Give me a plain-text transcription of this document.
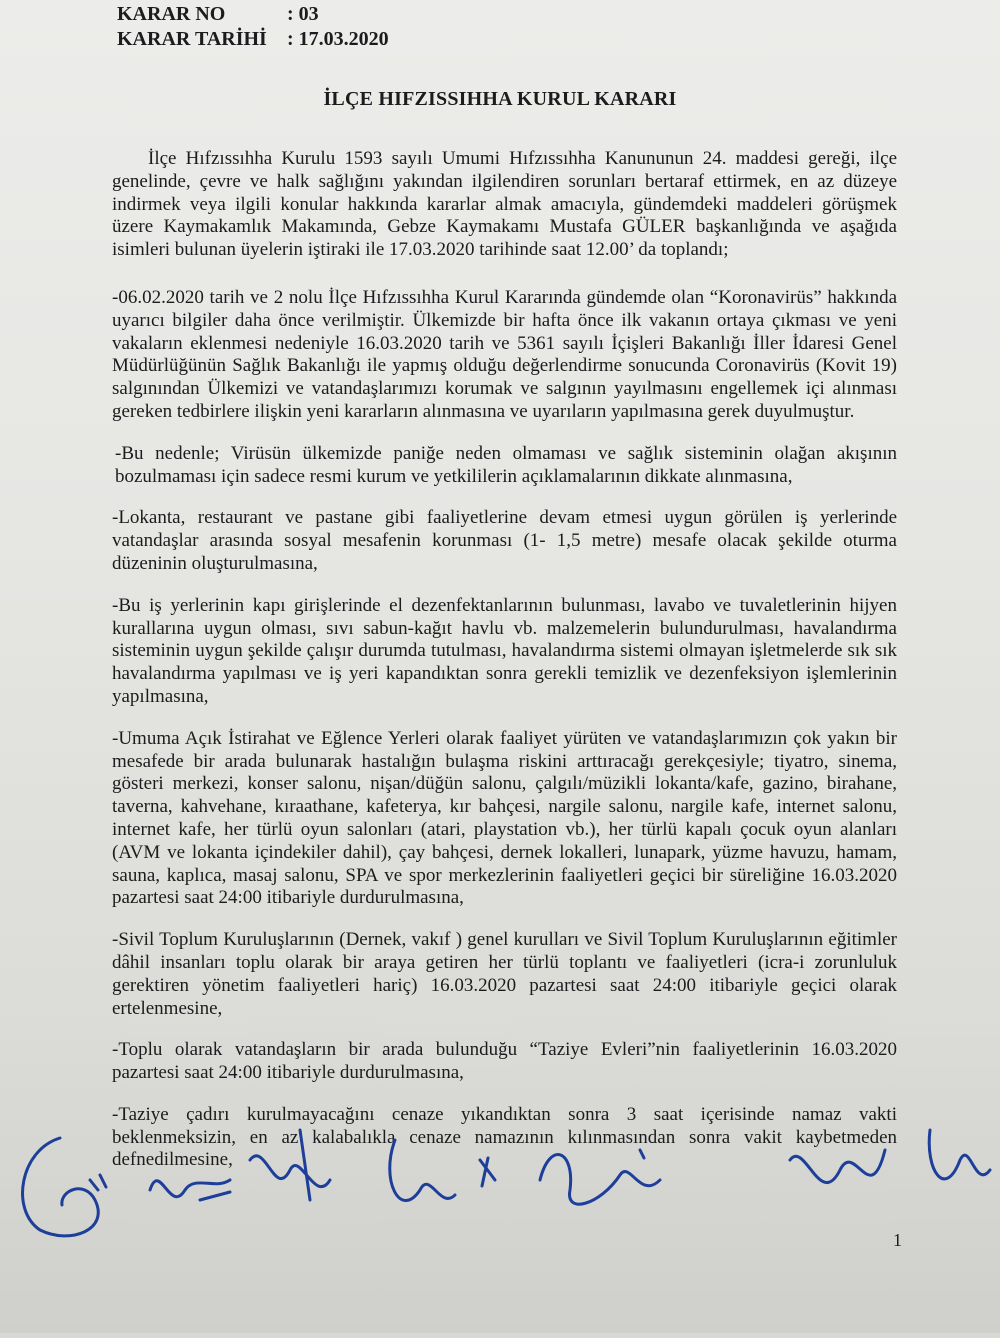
KARAR NO	: 03
KARAR TARİHİ	: 17.03.2020
İLÇE HIFZISSIHHA KURUL KARARI

İlçe Hıfzıssıhha Kurulu 1593 sayılı Umumi Hıfzıssıhha Kanununun 24. maddesi gereği, ilçe genelinde, çevre ve halk sağlığını yakından ilgilendiren sorunları bertaraf ettirmek, en az düzeye indirmek veya ilgili konular hakkında kararlar almak amacıyla, gündemdeki maddeleri görüşmek üzere Kaymakamlık Makamında, Gebze Kaymakamı Mustafa GÜLER başkanlığında ve aşağıda isimleri bulunan üyelerin iştiraki ile 17.03.2020 tarihinde saat 12.00’ da toplandı;

-06.02.2020 tarih ve 2 nolu İlçe Hıfzıssıhha Kurul Kararında gündemde olan “Koronavirüs” hakkında uyarıcı bilgiler daha önce verilmiştir. Ülkemizde bir hafta önce ilk vakanın ortaya çıkması ve yeni vakaların eklenmesi nedeniyle 16.03.2020 tarih ve 5361 sayılı İçişleri Bakanlığı İller İdaresi Genel Müdürlüğünün Sağlık Bakanlığı ile yapmış olduğu değerlendirme sonucunda Coronavirüs (Kovit 19) salgınından Ülkemizi ve vatandaşlarımızı korumak ve salgının yayılmasını engellemek içi alınması gereken tedbirlere ilişkin yeni kararların alınmasına ve uyarıların yapılmasına gerek duyulmuştur.

-Bu nedenle; Virüsün ülkemizde paniğe neden olmaması ve sağlık sisteminin olağan akışının bozulmaması için sadece resmi kurum ve yetkililerin açıklamalarının dikkate alınmasına,

-Lokanta, restaurant ve pastane gibi faaliyetlerine devam etmesi uygun görülen iş yerlerinde vatandaşlar arasında sosyal mesafenin korunması (1- 1,5 metre) mesafe olacak şekilde oturma düzeninin oluşturulmasına,

-Bu iş yerlerinin kapı girişlerinde el dezenfektanlarının bulunması, lavabo ve tuvaletlerinin hijyen kurallarına uygun olması, sıvı sabun-kağıt havlu vb. malzemelerin bulundurulması, havalandırma sisteminin uygun şekilde çalışır durumda tutulması, havalandırma sistemi olmayan işletmelerde sık sık havalandırma yapılması ve iş yeri kapandıktan sonra gerekli temizlik ve dezenfeksiyon işlemlerinin yapılmasına,

-Umuma Açık İstirahat ve Eğlence Yerleri olarak faaliyet yürüten ve vatandaşlarımızın çok yakın bir mesafede bir arada bulunarak hastalığın bulaşma riskini arttıracağı gerekçesiyle; tiyatro, sinema, gösteri merkezi, konser salonu, nişan/düğün salonu, çalgılı/müzikli lokanta/kafe, gazino, birahane, taverna, kahvehane, kıraathane, kafeterya, kır bahçesi, nargile salonu, nargile kafe, internet salonu, internet kafe, her türlü oyun salonları (atari, playstation vb.), her türlü kapalı çocuk oyun alanları (AVM ve lokanta içindekiler dahil), çay bahçesi, dernek lokalleri, lunapark, yüzme havuzu, hamam, sauna, kaplıca, masaj salonu, SPA ve spor merkezlerinin faaliyetleri geçici bir süreliğine 16.03.2020 pazartesi saat 24:00 itibariyle durdurulmasına,

-Sivil Toplum Kuruluşlarının (Dernek, vakıf ) genel kurulları ve Sivil Toplum Kuruluşlarının eğitimler dâhil insanları toplu olarak bir araya getiren her türlü toplantı ve faaliyetleri (icra-i zorunluluk gerektiren yönetim faaliyetleri hariç) 16.03.2020 pazartesi saat 24:00 itibariyle geçici olarak ertelenmesine,

-Toplu olarak vatandaşların bir arada bulunduğu “Taziye Evleri”nin faaliyetlerinin 16.03.2020 pazartesi saat 24:00 itibariyle durdurulmasına,

-Taziye çadırı kurulmayacağını cenaze yıkandıktan sonra 3 saat içerisinde namaz vakti beklenmeksizin, en az kalabalıkla cenaze namazının kılınmasından sonra vakit kaybetmeden defnedilmesine,

1
